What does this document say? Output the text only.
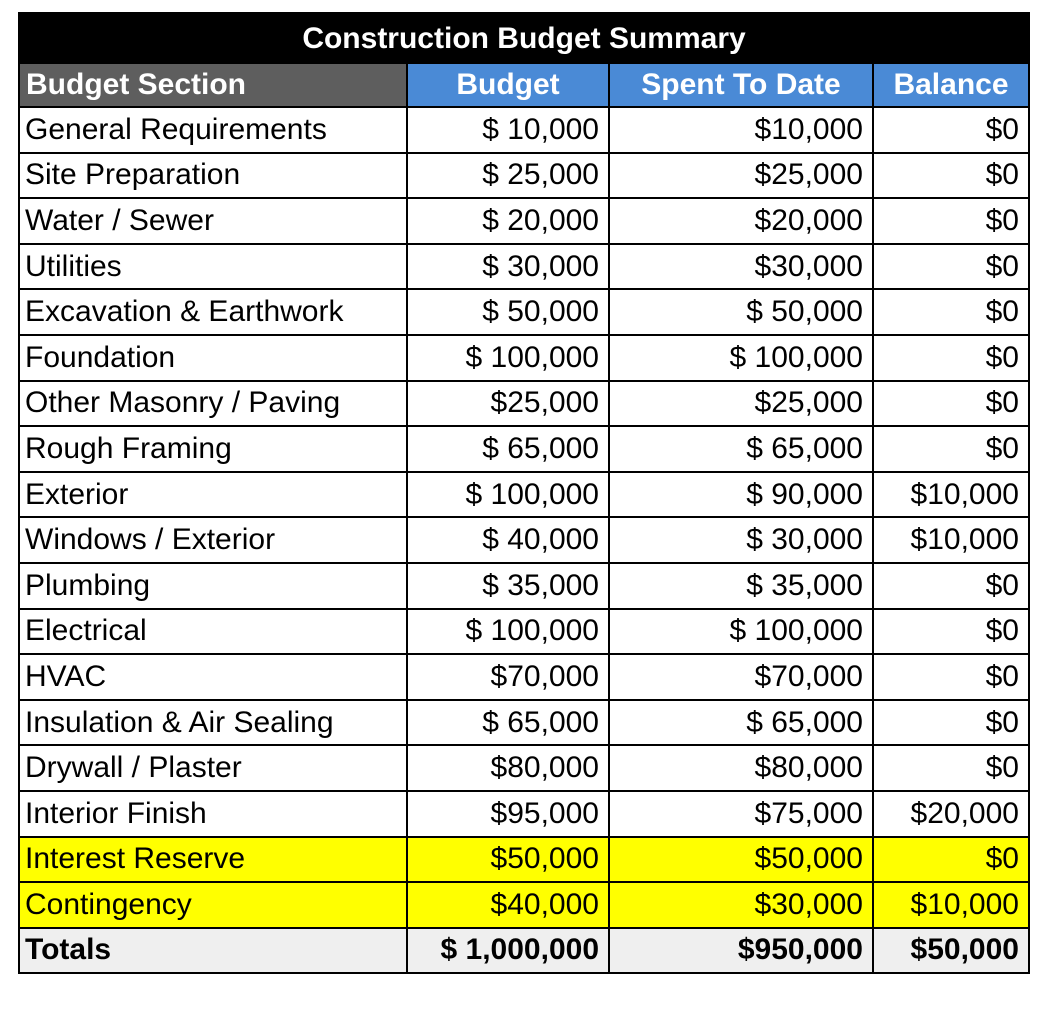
Construction Budget Summary			
Budget Section	Budget	Spent To Date	Balance
General Requirements	$ 10,000	$10,000	$0
Site Preparation	$ 25,000	$25,000	$0
Water / Sewer	$ 20,000	$20,000	$0
Utilities	$ 30,000	$30,000	$0
Excavation & Earthwork	$ 50,000	$ 50,000	$0
Foundation	$ 100,000	$ 100,000	$0
Other Masonry / Paving	$25,000	$25,000	$0
Rough Framing	$ 65,000	$ 65,000	$0
Exterior	$ 100,000	$ 90,000	$10,000
Windows / Exterior	$ 40,000	$ 30,000	$10,000
Plumbing	$ 35,000	$ 35,000	$0
Electrical	$ 100,000	$ 100,000	$0
HVAC	$70,000	$70,000	$0
Insulation & Air Sealing	$ 65,000	$ 65,000	$0
Drywall / Plaster	$80,000	$80,000	$0
Interior Finish	$95,000	$75,000	$20,000
Interest Reserve	$50,000	$50,000	$0
Contingency	$40,000	$30,000	$10,000
Totals	$ 1,000,000	$950,000	$50,000
